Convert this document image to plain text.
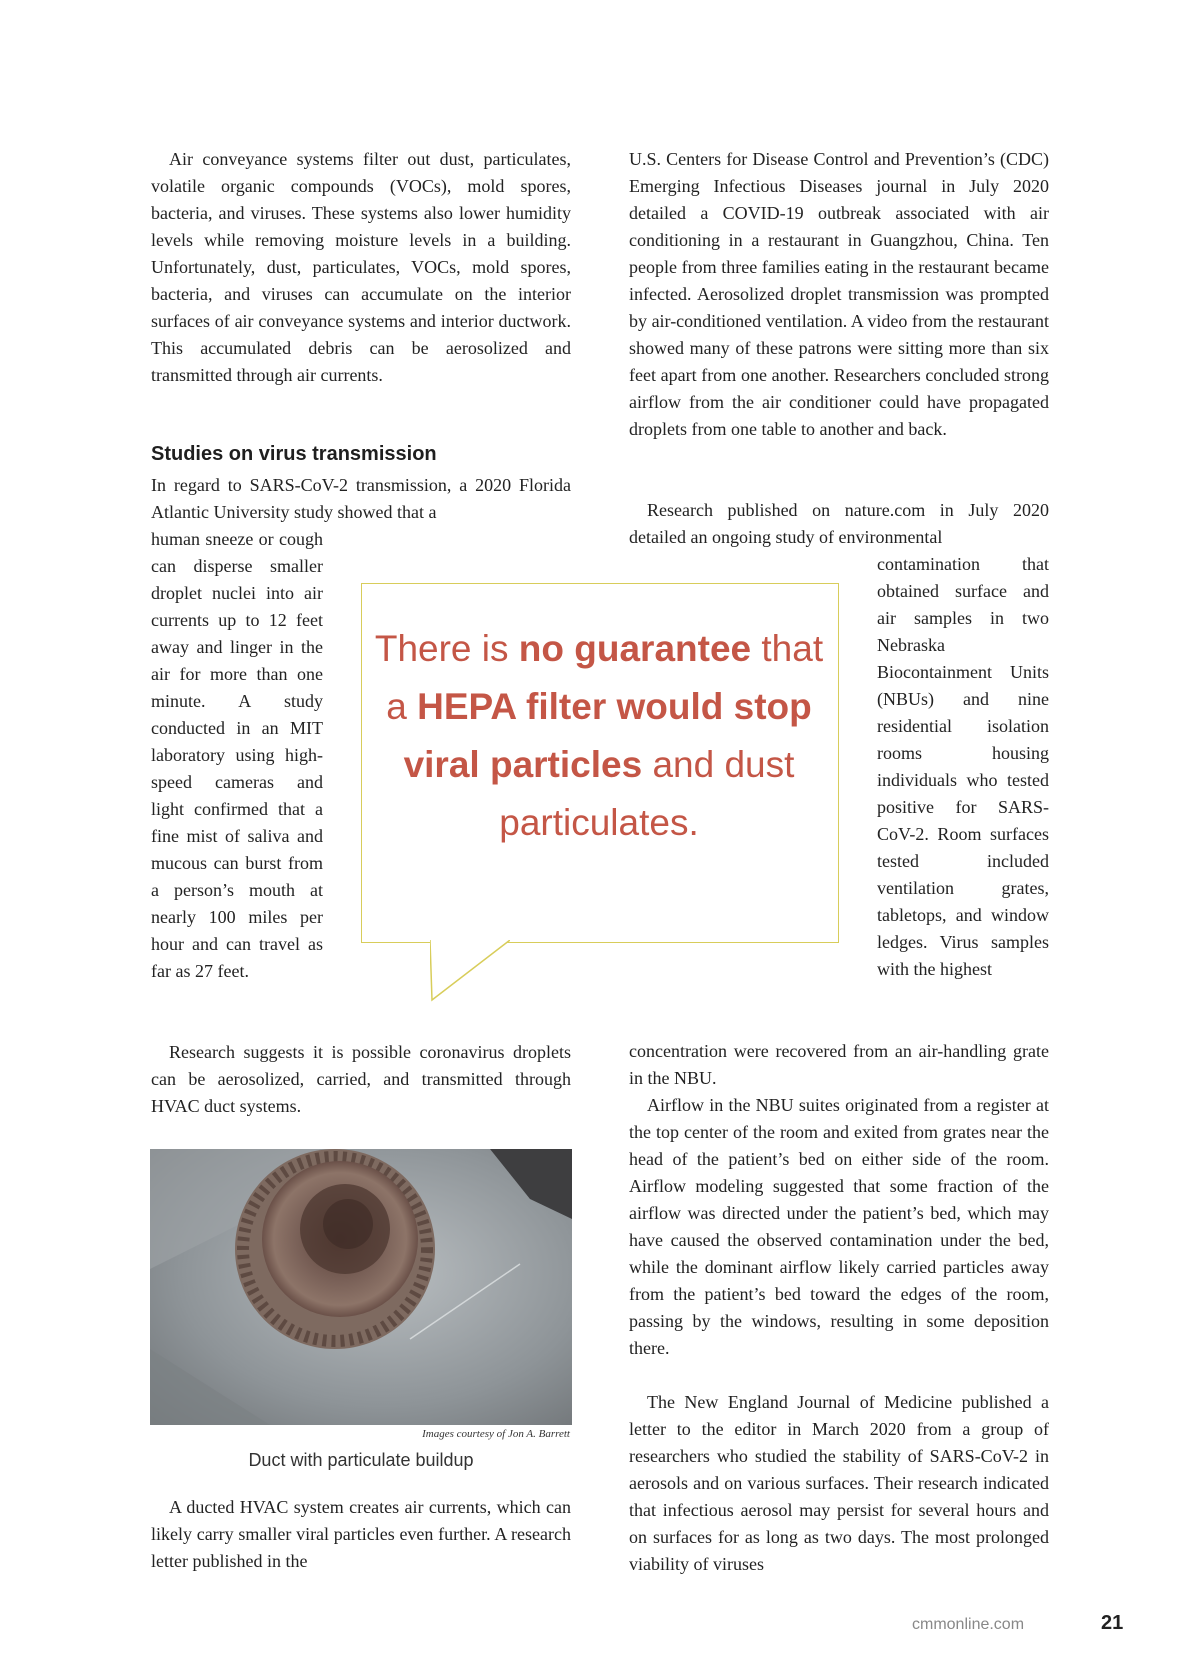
Air conveyance systems filter out dust, particulates, volatile organic compounds (VOCs), mold spores, bacteria, and viruses. These systems also lower humidity levels while removing moisture levels in a building. Unfortunately, dust, particulates, VOCs, mold spores, bacteria, and viruses can accumulate on the interior surfaces of air conveyance systems and interior ductwork. This accumulated debris can be aerosolized and transmitted through air currents.
Studies on virus transmission
In regard to SARS-CoV-2 transmission, a 2020 Florida Atlantic University study showed that a
human sneeze or cough can disperse smaller droplet nuclei into air currents up to 12 feet away and linger in the air for more than one minute. A study conducted in an MIT laboratory using high-speed cameras and light confirmed that a fine mist of saliva and mucous can burst from a person’s mouth at nearly 100 miles per hour and can travel as far as 27 feet.
Research suggests it is possible coronavirus droplets can be aerosolized, carried, and transmitted through HVAC duct systems.
Images courtesy of Jon A. Barrett
Duct with particulate buildup
A ducted HVAC system creates air currents, which can likely carry smaller viral particles even further. A research letter published in the
U.S. Centers for Disease Control and Prevention’s (CDC) Emerging Infectious Diseases journal in July 2020 detailed a COVID-19 outbreak associated with air conditioning in a restaurant in Guangzhou, China. Ten people from three families eating in the restaurant became infected. Aerosolized droplet transmission was prompted by air-conditioned ventilation. A video from the restaurant showed many of these patrons were sitting more than six feet apart from one another. Researchers concluded strong airflow from the air conditioner could have propagated droplets from one table to another and back.
Research published on nature.com in July 2020 detailed an ongoing study of environmental
contamination that obtained surface and air samples in two Nebraska Biocontainment Units (NBUs) and nine residential isolation rooms housing individuals who tested positive for SARS-CoV-2. Room surfaces tested included ventilation grates, tabletops, and window ledges. Virus samples with the highest
concentration were recovered from an air-handling grate in the NBU.
Airflow in the NBU suites originated from a register at the top center of the room and exited from grates near the head of the patient’s bed on either side of the room. Airflow modeling suggested that some fraction of the airflow was directed under the patient’s bed, which may have caused the observed contamination under the bed, while the dominant airflow likely carried particles away from the patient’s bed toward the edges of the room, passing by the windows, resulting in some deposition there.
The New England Journal of Medicine published a letter to the editor in March 2020 from a group of researchers who studied the stability of SARS-CoV-2 in aerosols and on various surfaces. Their research indicated that infectious aerosol may persist for several hours and on surfaces for as long as two days. The most prolonged viability of viruses
There is no guarantee that a HEPA filter would stop viral particles and dust particulates.
cmmonline.com	21
